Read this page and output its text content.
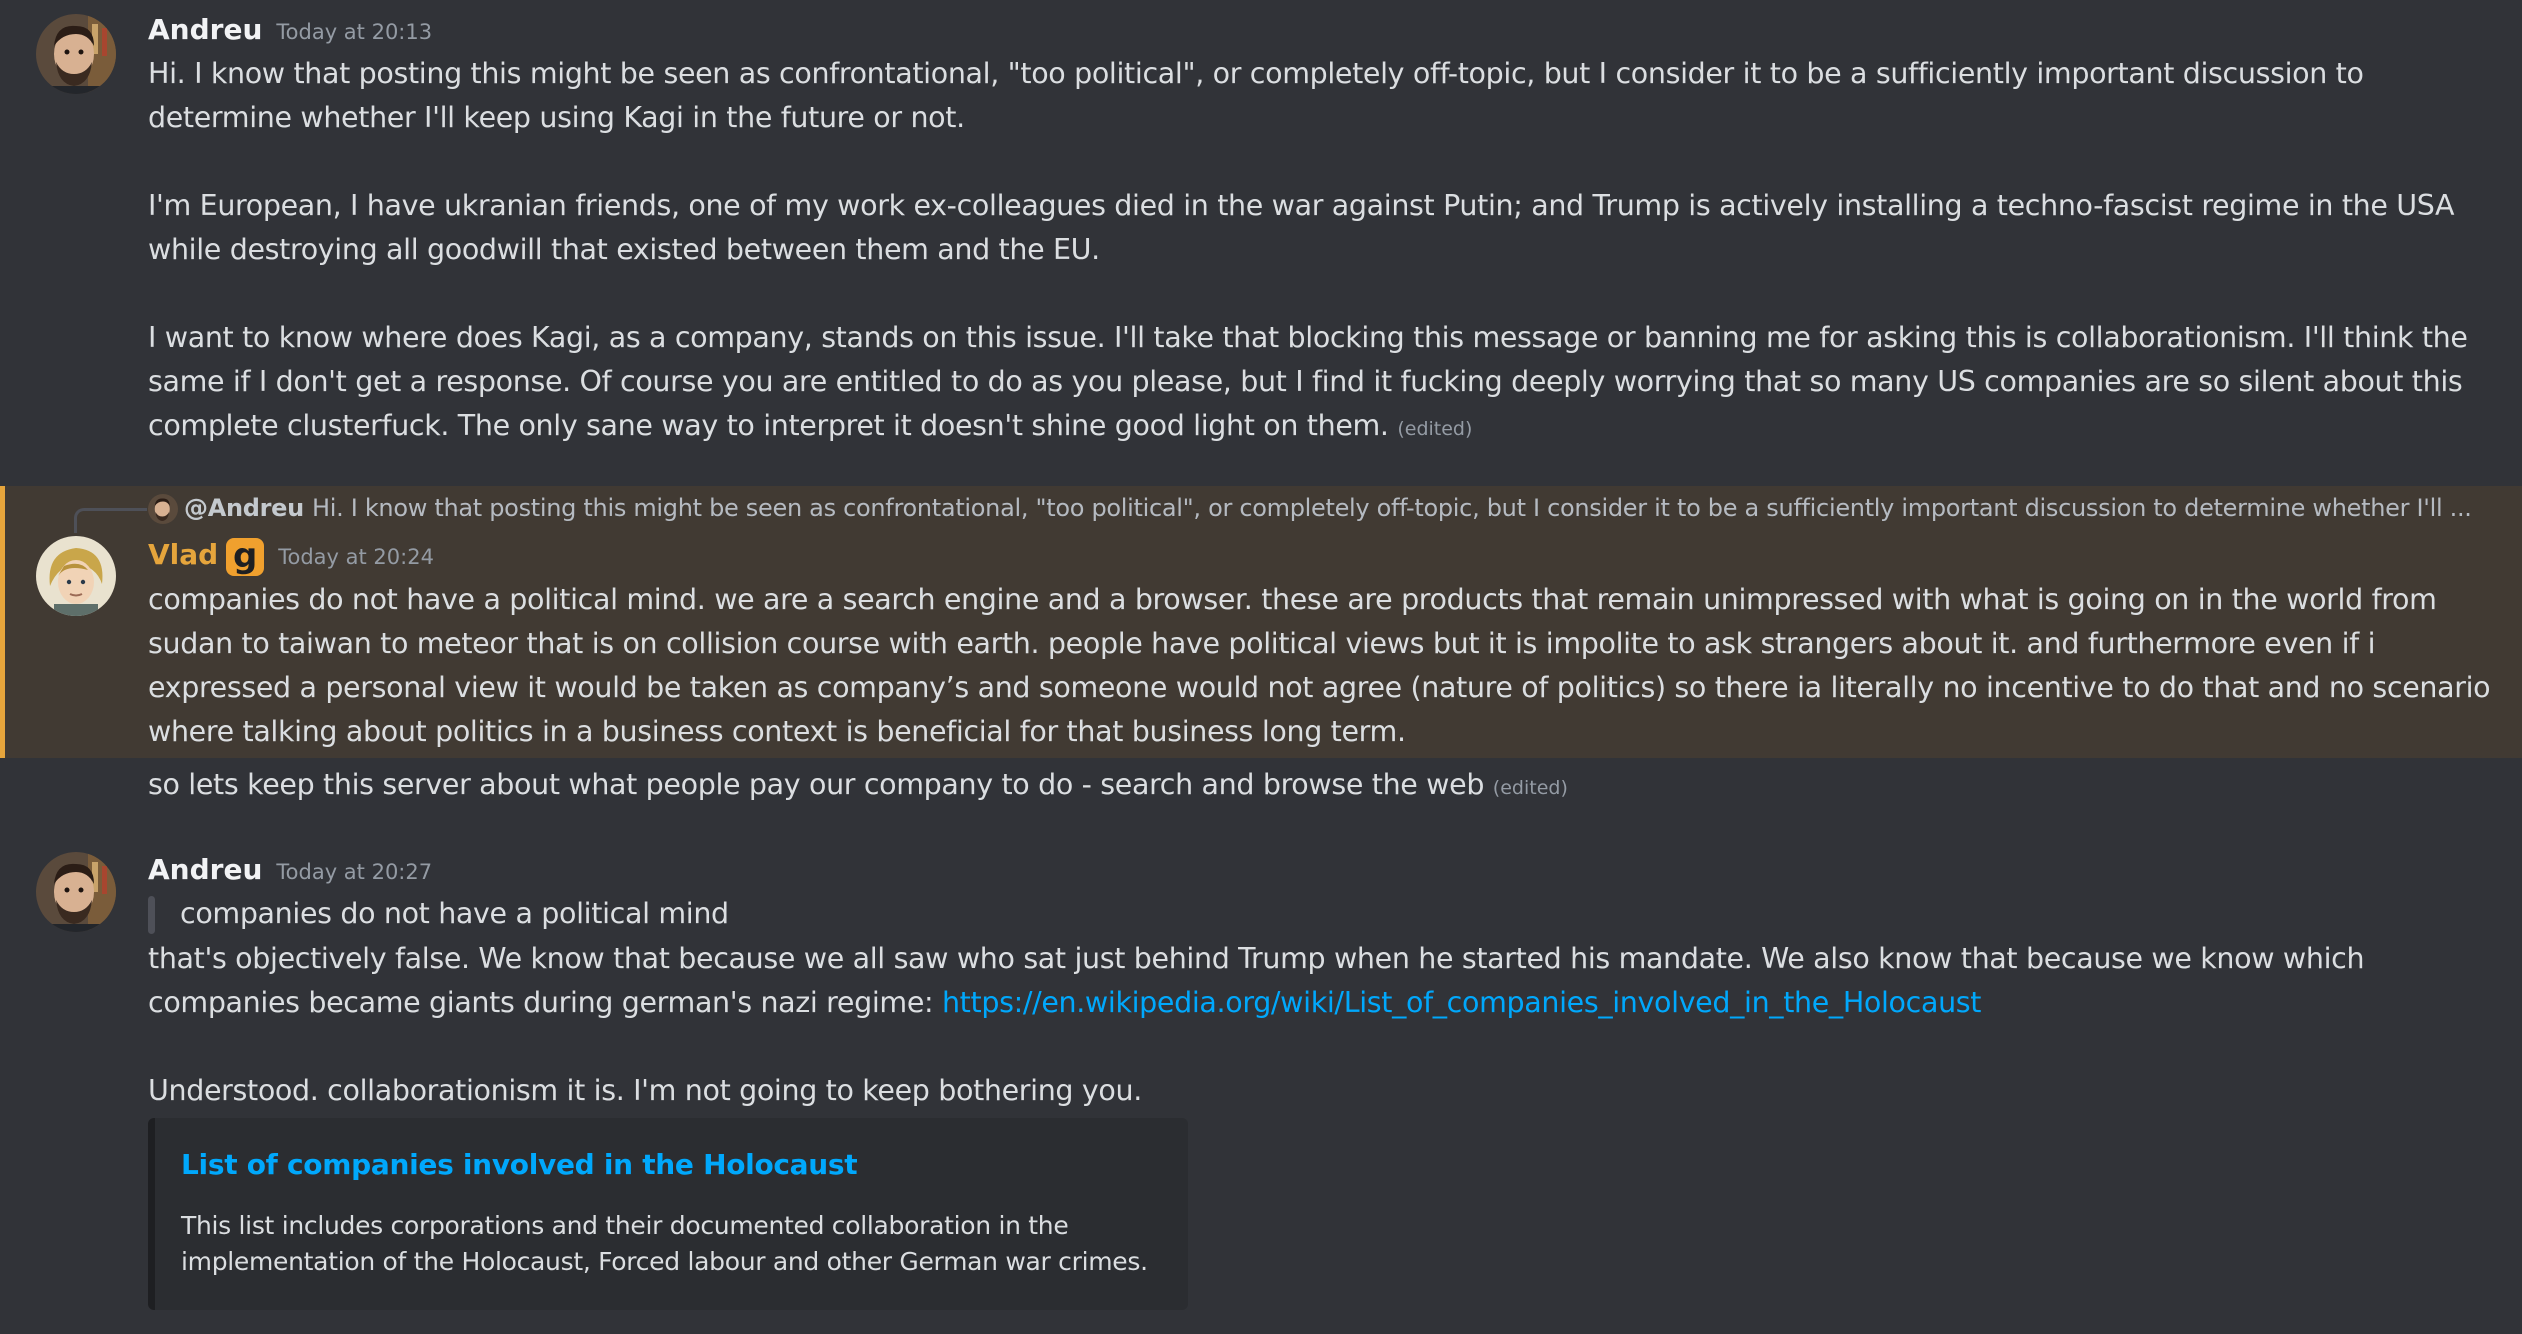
Andreu Today at 20:13

Hi. I know that posting this might be seen as confrontational, "too political", or completely off-topic, but I consider it to be a sufficiently important discussion to determine whether I'll keep using Kagi in the future or not.

I'm European, I have ukranian friends, one of my work ex-colleagues died in the war against Putin; and Trump is actively installing a techno-fascist regime in the USA while destroying all goodwill that existed between them and the EU.

I want to know where does Kagi, as a company, stands on this issue. I'll take that blocking this message or banning me for asking this is collaborationism. I'll think the same if I don't get a response. Of course you are entitled to do as you please, but I find it fucking deeply worrying that so many US companies are so silent about this complete clusterfuck. The only sane way to interpret it doesn't shine good light on them. (edited)

@Andreu Hi. I know that posting this might be seen as confrontational, "too political", or completely off-topic, but I consider it to be a sufficiently important discussion to determine whether I'll ...
Vlad g Today at 20:24

companies do not have a political mind. we are a search engine and a browser. these are products that remain unimpressed with what is going on in the world from sudan to taiwan to meteor that is on collision course with earth. people have political views but it is impolite to ask strangers about it. and furthermore even if i expressed a personal view it would be taken as company’s and someone would not agree (nature of politics) so there ia literally no incentive to do that and no scenario where talking about politics in a business context is beneficial for that business long term.

so lets keep this server about what people pay our company to do - search and browse the web (edited)

Andreu Today at 20:27
companies do not have a political mind

that's objectively false. We know that because we all saw who sat just behind Trump when he started his mandate. We also know that because we know which companies became giants during german's nazi regime: https://en.wikipedia.org/wiki/List_of_companies_involved_in_the_Holocaust

Understood. collaborationism it is. I'm not going to keep bothering you.

List of companies involved in the Holocaust
This list includes corporations and their documented collaboration in the implementation of the Holocaust, Forced labour and other German war crimes.
